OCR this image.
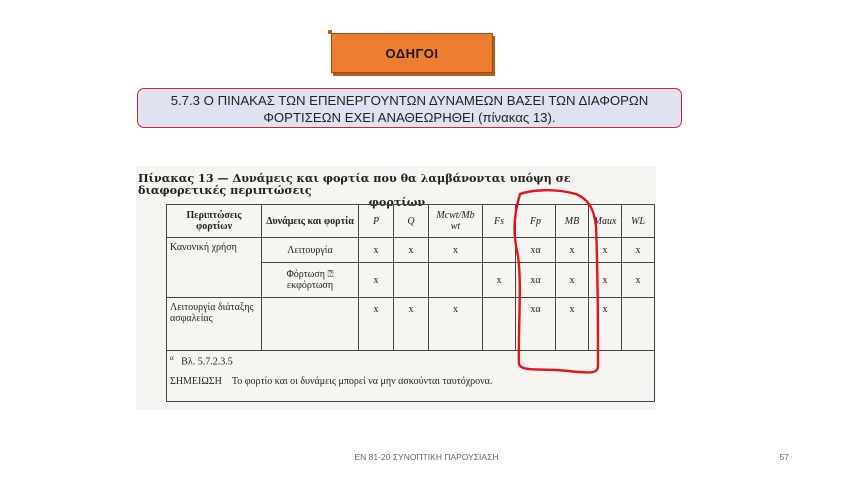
ΟΔΗΓΟΙ
5.7.3 Ο ΠΙΝΑΚΑΣ ΤΩΝ ΕΠΕΝΕΡΓΟΥΝΤΩΝ ΔΥΝΑΜΕΩΝ ΒΑΣΕΙ ΤΩΝ ΔΙΑΦΟΡΩΝ
ΦΟΡΤΙΣΕΩΝ ΕΧΕΙ ΑΝΑΘΕΩΡΗΘΕΙ (πίνακας 13).
Πίνακας 13 — Δυνάμεις και φορτία που θα λαμβάνονται υπόψη σε διαφορετικές περιπτώσεις
φορτίων
Περιπτώσεις φορτίων	Δυνάμεις και φορτία	P	Q	Mcwt/Mb wt	Fs	Fp	MB	Maux	WL
Κανονική χρήση	Λειτουργία	x	x	x		xα	x	x	x
	Φόρτωση ⍰ εκφόρτωση	x			x	xα	x	x	x
Λειτουργία διάταξης ασφαλείας		x	x	x		xα	x	x	

$^\alpha$ Βλ. 5.7.2.3.5
ΣΗΜΕΙΩΣΗ Το φορτίο και οι δυνάμεις μπορεί να μην ασκούνται ταυτόχρονα.									
ΕΝ 81-20 ΣΥΝΟΠΤΙΚΗ ΠΑΡΟΥΣΙΑΣΗ	57
